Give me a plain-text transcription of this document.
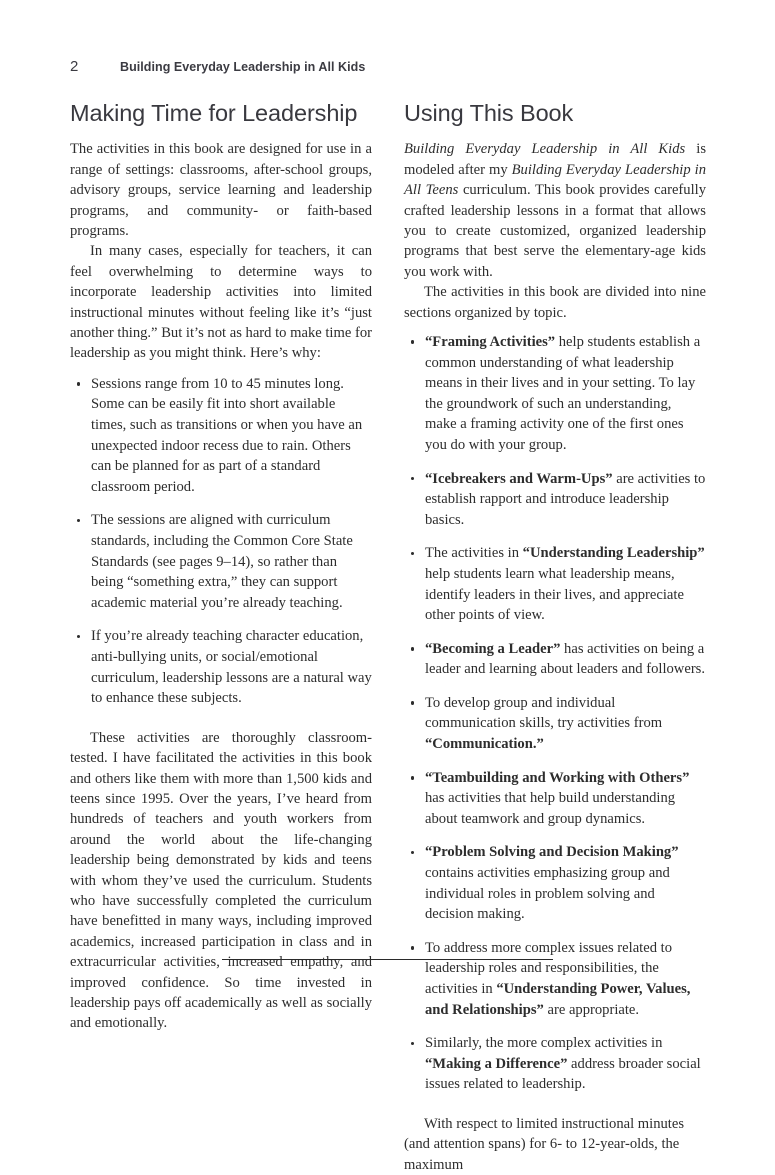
2	Building Everyday Leadership in All Kids
Making Time for Leadership

The activities in this book are designed for use in a range of settings: classrooms, after-school groups, advisory groups, service learning and leadership programs, and community- or faith-based programs.

In many cases, especially for teachers, it can feel overwhelming to determine ways to incorporate leadership activities into limited instructional minutes without feeling like it’s “just another thing.” But it’s not as hard to make time for leadership as you might think. Here’s why:

Sessions range from 10 to 45 minutes long. Some can be easily fit into short available times, such as transitions or when you have an unexpected indoor recess due to rain. Others can be planned for as part of a standard classroom period.
The sessions are aligned with curriculum standards, including the Common Core State Standards (see pages 9–14), so rather than being “something extra,” they can support academic material you’re already teaching.
If you’re already teaching character education, anti-bullying units, or social/emotional curriculum, leadership lessons are a natural way to enhance these subjects.

These activities are thoroughly classroom-tested. I have facilitated the activities in this book and others like them with more than 1,500 kids and teens since 1995. Over the years, I’ve heard from hundreds of teachers and youth workers from around the world about the life-changing leadership being demonstrated by kids and teens with whom they’ve used the curriculum. Students who have successfully completed the curriculum have benefitted in many ways, including improved academics, increased participation in class and in extracurricular activities, increased empathy, and improved confidence. So time invested in leadership pays off academically as well as socially and emotionally.

Using This Book

Building Everyday Leadership in All Kids is modeled after my Building Everyday Leadership in All Teens curriculum. This book provides carefully crafted leadership lessons in a format that allows you to create customized, organized leadership programs that best serve the elementary-age kids you work with.

The activities in this book are divided into nine sections organized by topic.

“Framing Activities” help students establish a common understanding of what leadership means in their lives and in your setting. To lay the groundwork of such an understanding, make a framing activity one of the first ones you do with your group.
“Icebreakers and Warm-Ups” are activities to establish rapport and introduce leadership basics.
The activities in “Understanding Leadership” help students learn what leadership means, identify leaders in their lives, and appreciate other points of view.
“Becoming a Leader” has activities on being a leader and learning about leaders and followers.
To develop group and individual communication skills, try activities from “Communication.”
“Teambuilding and Working with Others” has activities that help build understanding about teamwork and group dynamics.
“Problem Solving and Decision Making” contains activities emphasizing group and individual roles in problem solving and decision making.
To address more complex issues related to leadership roles and responsibilities, the activities in “Understanding Power, Values, and Relationships” are appropriate.
Similarly, the more complex activities in “Making a Difference” address broader social issues related to leadership.

With respect to limited instructional minutes (and attention spans) for 6- to 12-year-olds, the maximum
